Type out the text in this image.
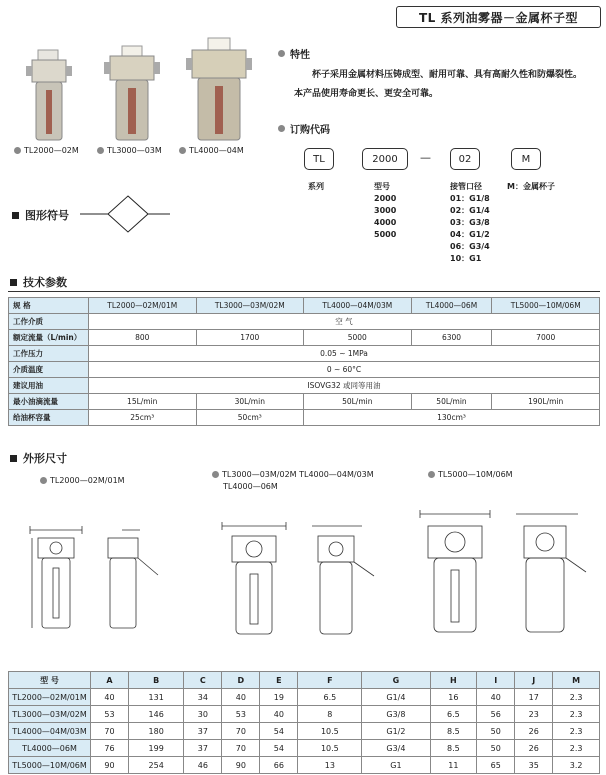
TL 系列油雾器－金属杯子型
TL2000—02M	TL3000—03M	TL4000—04M
特性
杯子采用金属材料压铸成型、耐用可靠、具有高耐久性和防爆裂性。本产品使用寿命更长、更安全可靠。
订购代码
TL	2000	—	02	M
系列	型号
2000
3000
4000
5000
接管口径
01：G1/8
02：G1/4
03：G3/8
04：G1/2
06：G3/4
10：G1
M：金属杯子
图形符号
技术参数
规 格	TL2000—02M/01M	TL3000—03M/02M	TL4000—04M/03M	TL4000—06M	TL5000—10M/06M
工作介质	空 气				
额定流量（L/min）	800	1700	5000	6300	7000
工作压力	0.05 ~ 1MPa				
介质温度	0 ~ 60°C				
建议用油	ISOVG32 或同等用油				
最小油滴流量	15L/min	30L/min	50L/min	50L/min	190L/min
给油杯容量	25cm³	50cm³	130cm³		
外形尺寸
TL2000—02M/01M
TL3000—03M/02M TL4000—04M/03M
TL4000—06M
TL5000—10M/06M
型 号	A	B	C	D	E	F	G	H	I	J	M
TL2000—02M/01M	40	131	34	40	19	6.5	G1/4	16	40	17	2.3
TL3000—03M/02M	53	146	30	53	40	8	G3/8	6.5	56	23	2.3
TL4000—04M/03M	70	180	37	70	54	10.5	G1/2	8.5	50	26	2.3
TL4000—06M	76	199	37	70	54	10.5	G3/4	8.5	50	26	2.3
TL5000—10M/06M	90	254	46	90	66	13	G1	11	65	35	3.2
